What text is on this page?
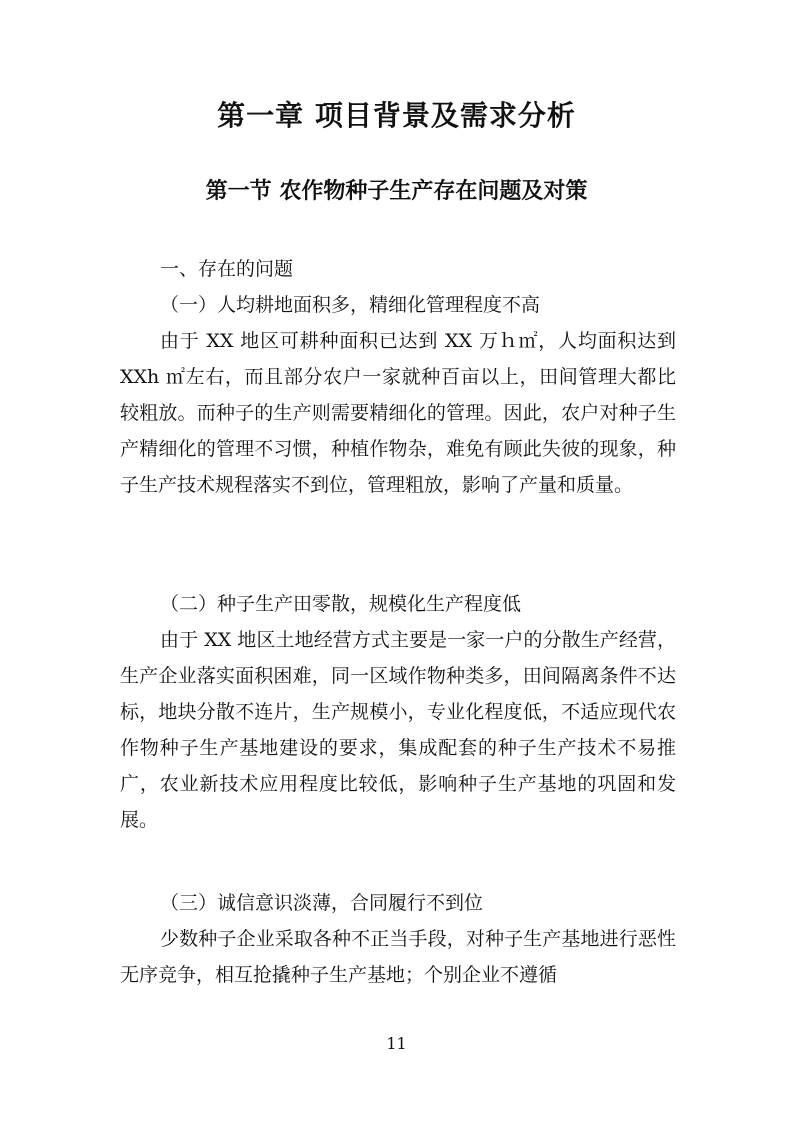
第一章 项目背景及需求分析
第一节 农作物种子生产存在问题及对策

一、存在的问题

（一）人均耕地面积多，精细化管理程度不高

由于 XX 地区可耕种面积已达到 XX 万ｈ㎡，人均面积达到 XXh ㎡左右，而且部分农户一家就种百亩以上，田间管理大都比较粗放。而种子的生产则需要精细化的管理。因此，农户对种子生产精细化的管理不习惯，种植作物杂，难免有顾此失彼的现象，种子生产技术规程落实不到位，管理粗放，影响了产量和质量。

（二）种子生产田零散，规模化生产程度低

由于 XX 地区土地经营方式主要是一家一户的分散生产经营，生产企业落实面积困难，同一区域作物种类多，田间隔离条件不达标，地块分散不连片，生产规模小，专业化程度低，不适应现代农作物种子生产基地建设的要求，集成配套的种子生产技术不易推广，农业新技术应用程度比较低，影响种子生产基地的巩固和发展。

（三）诚信意识淡薄，合同履行不到位

少数种子企业采取各种不正当手段，对种子生产基地进行恶性无序竞争，相互抢撬种子生产基地；个别企业不遵循

11
